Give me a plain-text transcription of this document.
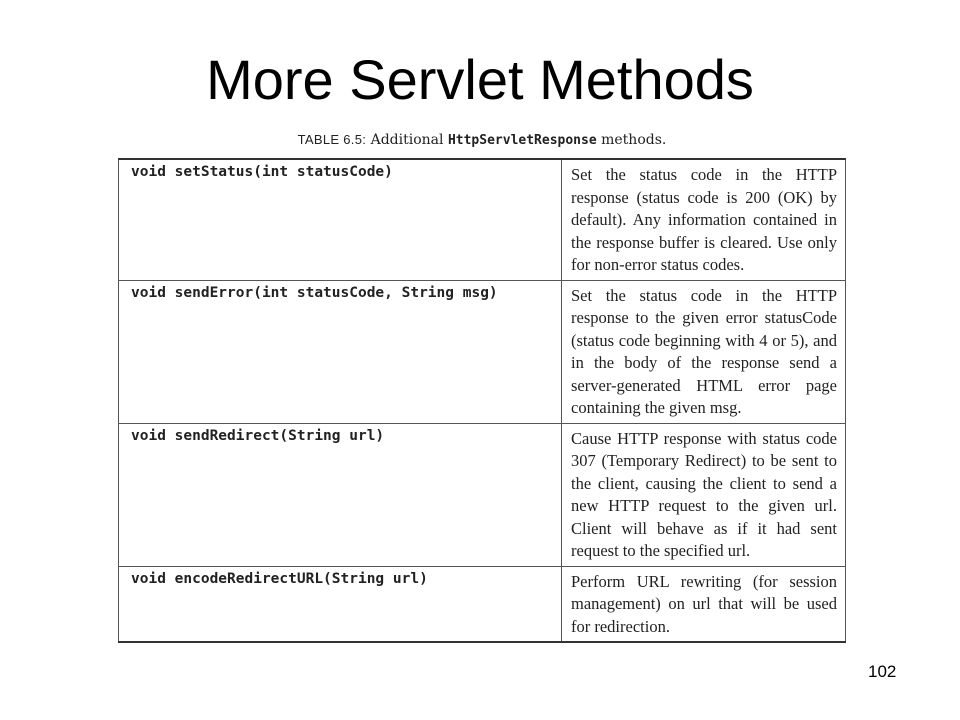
More Servlet Methods
TABLE 6.5: Additional HttpServletResponse methods.
void setStatus(int statusCode)	Set the status code in the HTTP response (status code is 200 (OK) by default). Any information contained in the response buffer is cleared. Use only for non-error status codes.
void sendError(int statusCode, String msg)	Set the status code in the HTTP response to the given error statusCode (status code beginning with 4 or 5), and in the body of the response send a server-generated HTML error page containing the given msg.
void sendRedirect(String url)	Cause HTTP response with status code 307 (Temporary Redirect) to be sent to the client, causing the client to send a new HTTP request to the given url. Client will behave as if it had sent request to the specified url.
void encodeRedirectURL(String url)	Perform URL rewriting (for session management) on url that will be used for redirection.
102
